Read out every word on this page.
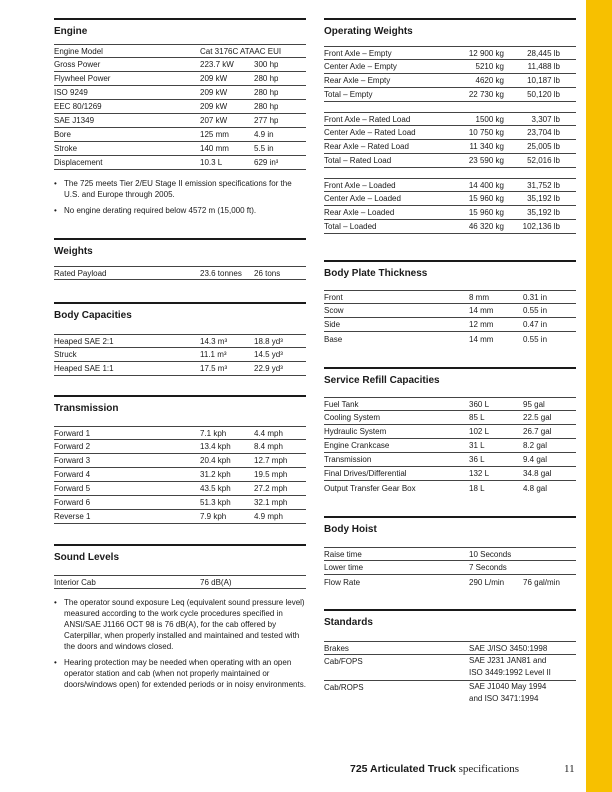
Engine
Engine Model	Cat 3176C ATAAC EUI
Gross Power	223.7 kW	300 hp
Flywheel Power	209 kW	280 hp
ISO 9249	209 kW	280 hp
EEC 80/1269	209 kW	280 hp
SAE J1349	207 kW	277 hp
Bore	125 mm	4.9 in
Stroke	140 mm	5.5 in
Displacement	10.3 L	629 in³
• The 725 meets Tier 2/EU Stage II emission specifications for the U.S. and Europe through 2005.
• No engine derating required below 4572 m (15,000 ft).
Weights
Rated Payload	23.6 tonnes	26 tons
Body Capacities
Heaped SAE 2:1	14.3 m³	18.8 yd³
Struck	11.1 m³	14.5 yd³
Heaped SAE 1:1	17.5 m³	22.9 yd³
Transmission
Forward 1	7.1 kph	4.4 mph
Forward 2	13.4 kph	8.4 mph
Forward 3	20.4 kph	12.7 mph
Forward 4	31.2 kph	19.5 mph
Forward 5	43.5 kph	27.2 mph
Forward 6	51.3 kph	32.1 mph
Reverse 1	7.9 kph	4.9 mph
Sound Levels
Interior Cab	76 dB(A)
• The operator sound exposure Leq (equivalent sound pressure level) measured according to the work cycle procedures specified in ANSI/SAE J1166 OCT 98 is 76 dB(A), for the cab offered by Caterpillar, when properly installed and maintained and tested with the doors and windows closed.
• Hearing protection may be needed when operating with an open operator station and cab (when not properly maintained or doors/windows open) for extended periods or in noisy environments.
Operating Weights
Front Axle – Empty	12 900 kg	28,445 lb
Center Axle – Empty	5210 kg	11,488 lb
Rear Axle – Empty	4620 kg	10,187 lb
Total – Empty	22 730 kg	50,120 lb
Front Axle – Rated Load	1500 kg	3,307 lb
Center Axle – Rated Load	10 750 kg	23,704 lb
Rear Axle – Rated Load	11 340 kg	25,005 lb
Total – Rated Load	23 590 kg	52,016 lb
Front Axle – Loaded	14 400 kg	31,752 lb
Center Axle – Loaded	15 960 kg	35,192 lb
Rear Axle – Loaded	15 960 kg	35,192 lb
Total – Loaded	46 320 kg	102,136 lb
Body Plate Thickness
Front	8 mm	0.31 in
Scow	14 mm	0.55 in
Side	12 mm	0.47 in
Base	14 mm	0.55 in
Service Refill Capacities
Fuel Tank	360 L	95 gal
Cooling System	85 L	22.5 gal
Hydraulic System	102 L	26.7 gal
Engine Crankcase	31 L	8.2 gal
Transmission	36 L	9.4 gal
Final Drives/Differential	132 L	34.8 gal
Output Transfer Gear Box	18 L	4.8 gal
Body Hoist
Raise time	10 Seconds
Lower time	7 Seconds
Flow Rate	290 L/min	76 gal/min
Standards
Brakes	SAE J/ISO 3450:1998
Cab/FOPS	SAE J231 JAN81 and
ISO 3449:1992 Level II
Cab/ROPS	SAE J1040 May 1994
and ISO 3471:1994
725 Articulated Truck specifications	11
